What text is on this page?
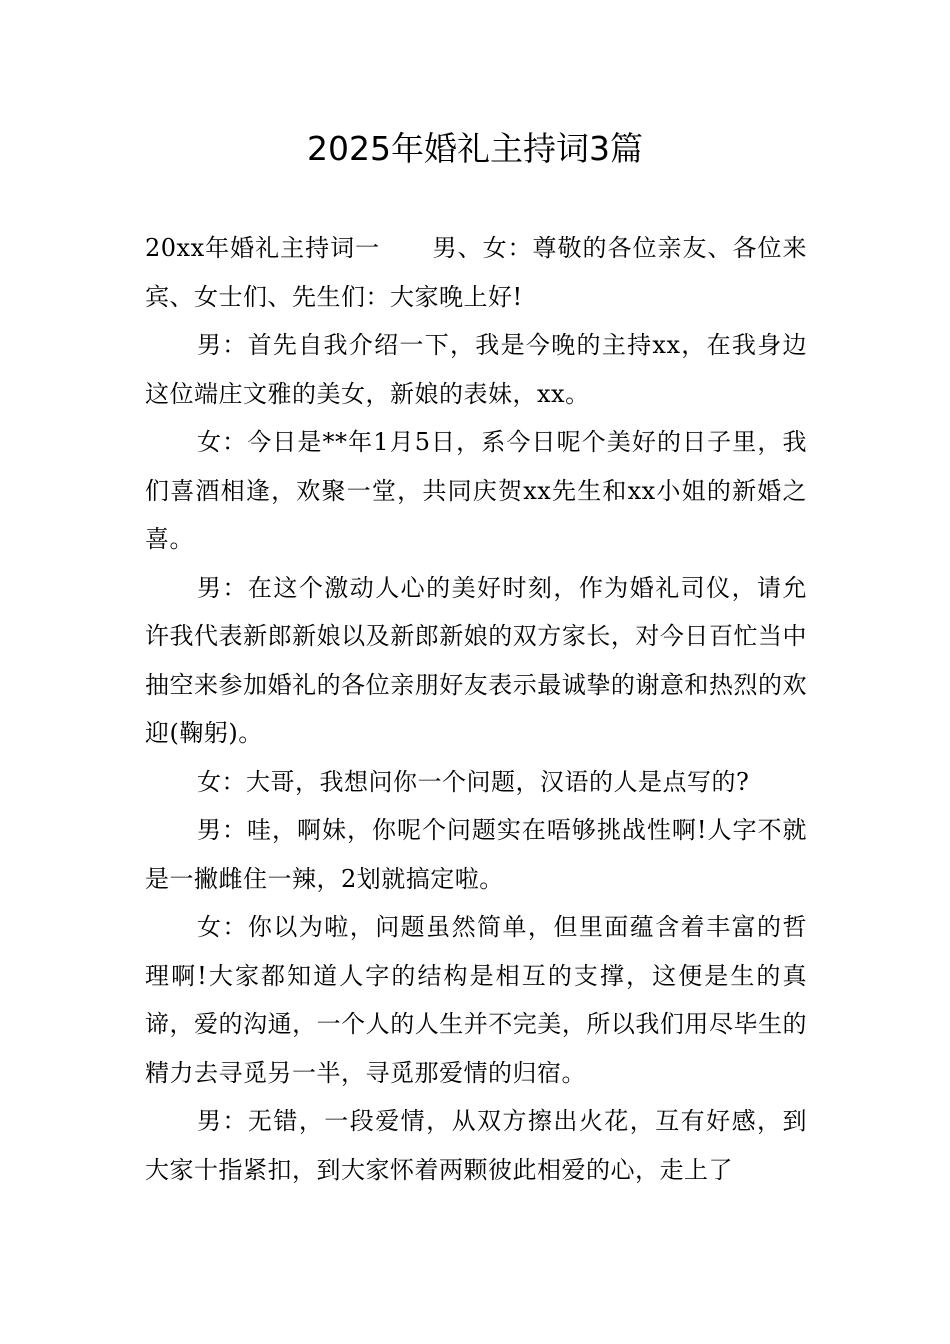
2025年婚礼主持词3篇

20xx年婚礼主持词一 男、女：尊敬的各位亲友、各位来宾、女士们、先生们：大家晚上好!

男：首先自我介绍一下，我是今晚的主持xx，在我身边这位端庄文雅的美女，新娘的表妹，xx。

女：今日是**年1月5日，系今日呢个美好的日子里，我们喜酒相逢，欢聚一堂，共同庆贺xx先生和xx小姐的新婚之喜。

男：在这个激动人心的美好时刻，作为婚礼司仪，请允许我代表新郎新娘以及新郎新娘的双方家长，对今日百忙当中抽空来参加婚礼的各位亲朋好友表示最诚挚的谢意和热烈的欢迎(鞠躬)。

女：大哥，我想问你一个问题，汉语的人是点写的?

男：哇，啊妹，你呢个问题实在唔够挑战性啊!人字不就是一撇雌住一辣，2划就搞定啦。

女：你以为啦，问题虽然简单，但里面蕴含着丰富的哲理啊!大家都知道人字的结构是相互的支撑，这便是生的真谛，爱的沟通，一个人的人生并不完美，所以我们用尽毕生的精力去寻觅另一半，寻觅那爱情的归宿。

男：无错，一段爱情，从双方擦出火花，互有好感，到大家十指紧扣，到大家怀着两颗彼此相爱的心，走上了
